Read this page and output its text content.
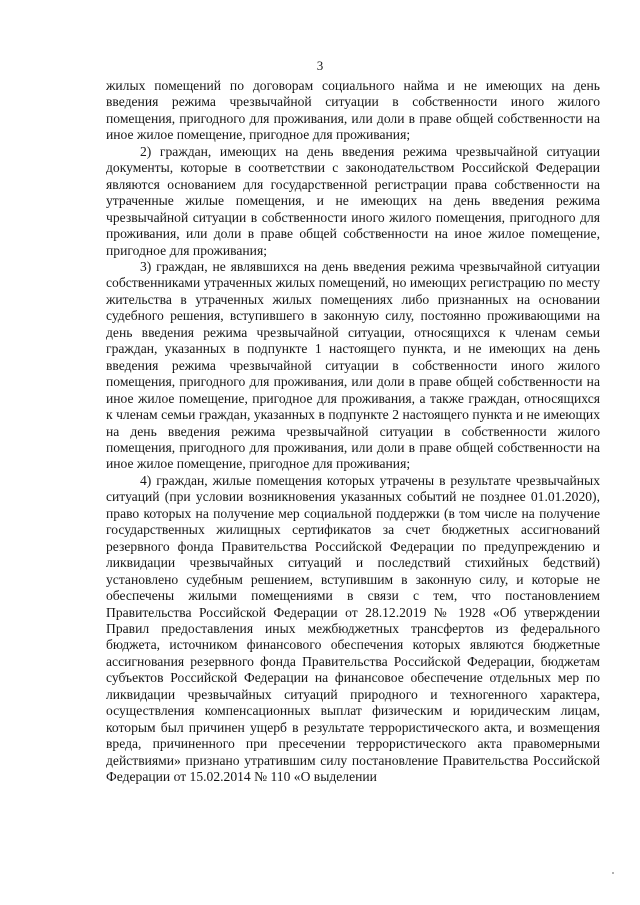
3

жилых помещений по договорам социального найма и не имеющих на день введения режима чрезвычайной ситуации в собственности иного жилого помещения, пригодного для проживания, или доли в праве общей собственности на иное жилое помещение, пригодное для проживания;

2) граждан, имеющих на день введения режима чрезвычайной ситуации документы, которые в соответствии с законодательством Российской Федерации являются основанием для государственной регистрации права собственности на утраченные жилые помещения, и не имеющих на день введения режима чрезвычайной ситуации в собственности иного жилого помещения, пригодного для проживания, или доли в праве общей собственности на иное жилое помещение, пригодное для проживания;

3) граждан, не являвшихся на день введения режима чрезвычайной ситуации собственниками утраченных жилых помещений, но имеющих регистрацию по месту жительства в утраченных жилых помещениях либо признанных на основании судебного решения, вступившего в законную силу, постоянно проживающими на день введения режима чрезвычайной ситуации, относящихся к членам семьи граждан, указанных в подпункте 1 настоящего пункта, и не имеющих на день введения режима чрезвычайной ситуации в собственности иного жилого помещения, пригодного для проживания, или доли в праве общей собственности на иное жилое помещение, пригодное для проживания, а также граждан, относящихся к членам семьи граждан, указанных в подпункте 2 настоящего пункта и не имеющих на день введения режима чрезвычайной ситуации в собственности жилого помещения, пригодного для проживания, или доли в праве общей собственности на иное жилое помещение, пригодное для проживания;

4) граждан, жилые помещения которых утрачены в результате чрезвычайных ситуаций (при условии возникновения указанных событий не позднее 01.01.2020), право которых на получение мер социальной поддержки (в том числе на получение государственных жилищных сертификатов за счет бюджетных ассигнований резервного фонда Правительства Российской Федерации по предупреждению и ликвидации чрезвычайных ситуаций и последствий стихийных бедствий) установлено судебным решением, вступившим в законную силу, и которые не обеспечены жилыми помещениями в связи с тем, что постановлением Правительства Российской Федерации от 28.12.2019 № 1928 «Об утверждении Правил предоставления иных межбюджетных трансфертов из федерального бюджета, источником финансового обеспечения которых являются бюджетные ассигнования резервного фонда Правительства Российской Федерации, бюджетам субъектов Российской Федерации на финансовое обеспечение отдельных мер по ликвидации чрезвычайных ситуаций природного и техногенного характера, осуществления компенсационных выплат физическим и юридическим лицам, которым был причинен ущерб в результате террористического акта, и возмещения вреда, причиненного при пресечении террористического акта правомерными действиями» признано утратившим силу постановление Правительства Российской Федерации от 15.02.2014 № 110 «О выделении
